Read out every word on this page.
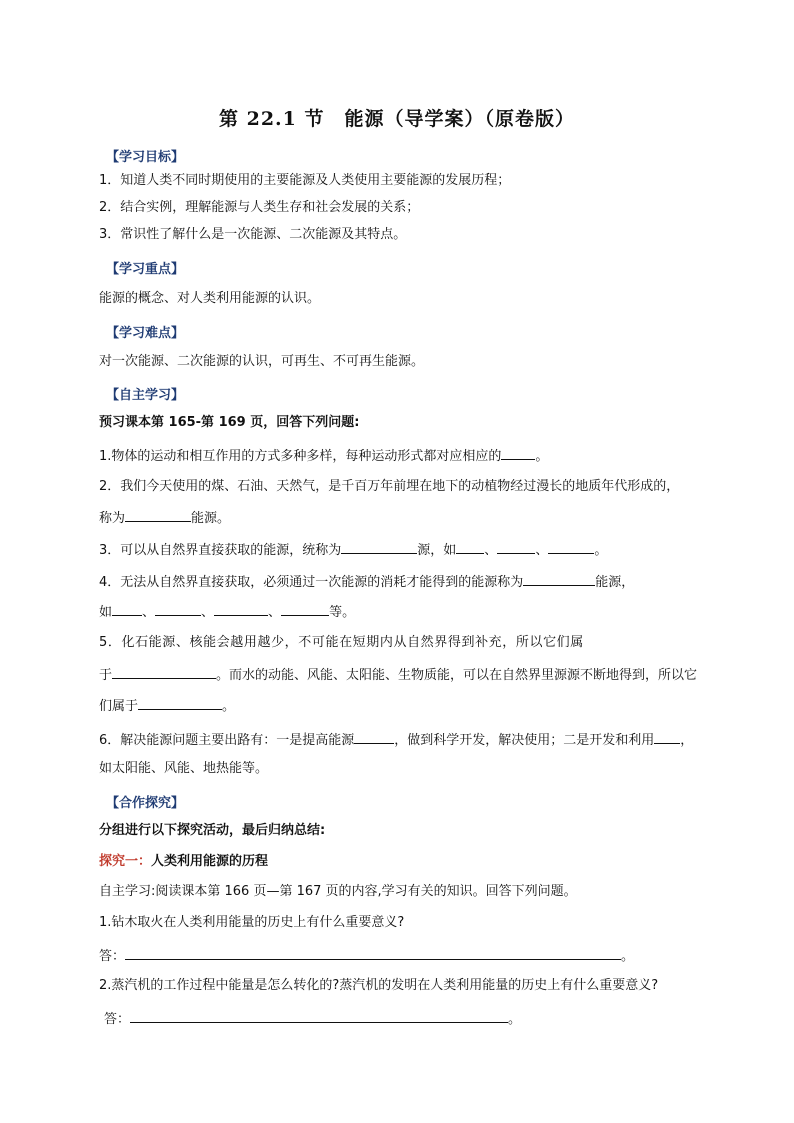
第 22.1 节　能源（导学案）（原卷版）
【学习目标】
1．知道人类不同时期使用的主要能源及人类使用主要能源的发展历程；
2．结合实例，理解能源与人类生存和社会发展的关系；
3．常识性了解什么是一次能源、二次能源及其特点。
【学习重点】
能源的概念、对人类利用能源的认识。
【学习难点】
对一次能源、二次能源的认识，可再生、不可再生能源。
【自主学习】
预习课本第 165-第 169 页，回答下列问题:
1.物体的运动和相互作用的方式多种多样，每种运动形式都对应相应的	。
2．我们今天使用的煤、石油、天然气，是千百万年前埋在地下的动植物经过漫长的地质年代形成的，
称为	能源。
3．可以从自然界直接获取的能源，统称为	源，如 、	、	。
4．无法从自然界直接获取，必须通过一次能源的消耗才能得到的能源称为	能源，
如 、	、	、	等。
5．化石能源、核能会越用越少，不可能在短期内从自然界得到补充，所以它们属
于	。而水的动能、风能、太阳能、生物质能，可以在自然界里源源不断地得到，所以它
们属于	。
6．解决能源问题主要出路有：一是提高能源	，做到科学开发，解决使用；二是开发和利用 ，
如太阳能、风能、地热能等。
【合作探究】
分组进行以下探究活动，最后归纳总结:
探究一：人类利用能源的历程
自主学习:阅读课本第 166 页—第 167 页的内容,学习有关的知识。回答下列问题。
1.钻木取火在人类利用能量的历史上有什么重要意义?
答：	。
2.蒸汽机的工作过程中能量是怎么转化的?蒸汽机的发明在人类利用能量的历史上有什么重要意义?
答：	。
